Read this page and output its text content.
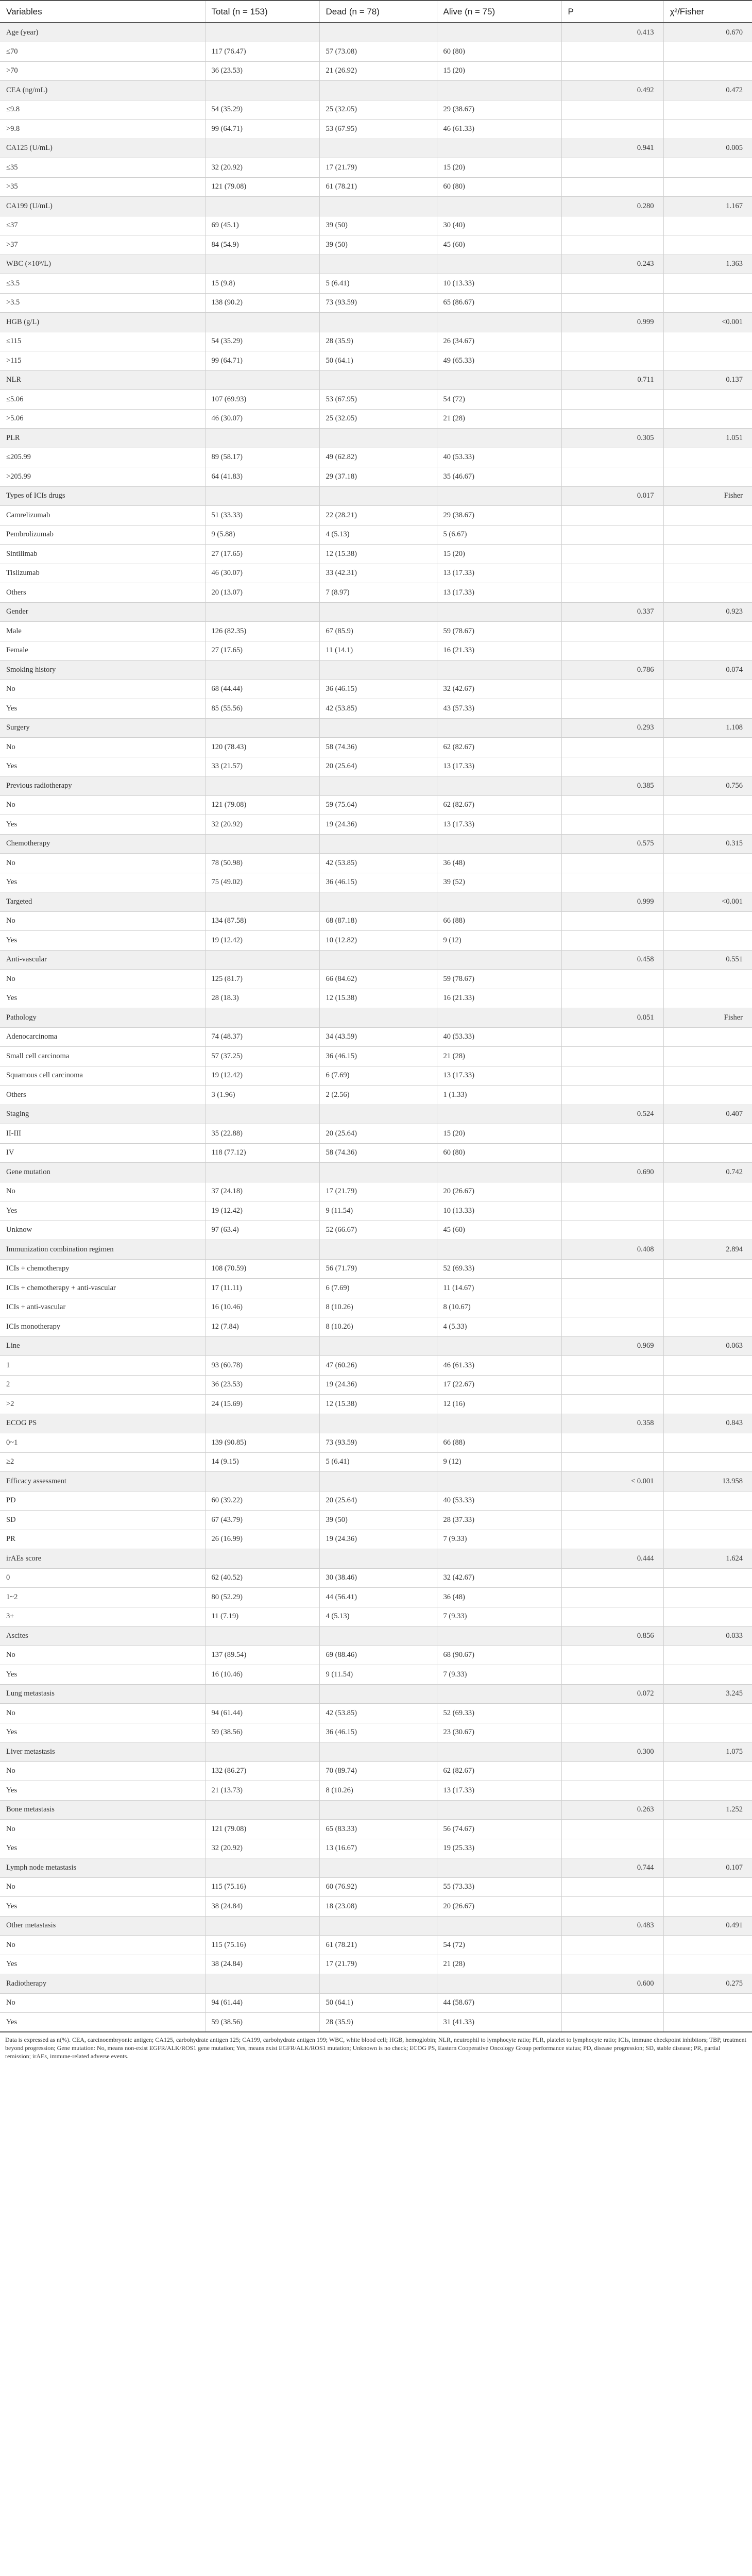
Variables	Total (n = 153)	Dead (n = 78)	Alive (n = 75)	P	χ²/Fisher
Age (year)				0.413	0.670
≤70	117 (76.47)	57 (73.08)	60 (80)		
>70	36 (23.53)	21 (26.92)	15 (20)		
CEA (ng/mL)				0.492	0.472
≤9.8	54 (35.29)	25 (32.05)	29 (38.67)		
>9.8	99 (64.71)	53 (67.95)	46 (61.33)		
CA125 (U/mL)				0.941	0.005
≤35	32 (20.92)	17 (21.79)	15 (20)		
>35	121 (79.08)	61 (78.21)	60 (80)		
CA199 (U/mL)				0.280	1.167
≤37	69 (45.1)	39 (50)	30 (40)		
>37	84 (54.9)	39 (50)	45 (60)		
WBC (×10⁹/L)				0.243	1.363
≤3.5	15 (9.8)	5 (6.41)	10 (13.33)		
>3.5	138 (90.2)	73 (93.59)	65 (86.67)		
HGB (g/L)				0.999	<0.001
≤115	54 (35.29)	28 (35.9)	26 (34.67)		
>115	99 (64.71)	50 (64.1)	49 (65.33)		
NLR				0.711	0.137
≤5.06	107 (69.93)	53 (67.95)	54 (72)		
>5.06	46 (30.07)	25 (32.05)	21 (28)		
PLR				0.305	1.051
≤205.99	89 (58.17)	49 (62.82)	40 (53.33)		
>205.99	64 (41.83)	29 (37.18)	35 (46.67)		
Types of ICIs drugs				0.017	Fisher
Camrelizumab	51 (33.33)	22 (28.21)	29 (38.67)		
Pembrolizumab	9 (5.88)	4 (5.13)	5 (6.67)		
Sintilimab	27 (17.65)	12 (15.38)	15 (20)		
Tislizumab	46 (30.07)	33 (42.31)	13 (17.33)		
Others	20 (13.07)	7 (8.97)	13 (17.33)		
Gender				0.337	0.923
Male	126 (82.35)	67 (85.9)	59 (78.67)		
Female	27 (17.65)	11 (14.1)	16 (21.33)		
Smoking history				0.786	0.074
No	68 (44.44)	36 (46.15)	32 (42.67)		
Yes	85 (55.56)	42 (53.85)	43 (57.33)		
Surgery				0.293	1.108
No	120 (78.43)	58 (74.36)	62 (82.67)		
Yes	33 (21.57)	20 (25.64)	13 (17.33)		
Previous radiotherapy				0.385	0.756
No	121 (79.08)	59 (75.64)	62 (82.67)		
Yes	32 (20.92)	19 (24.36)	13 (17.33)		
Chemotherapy				0.575	0.315
No	78 (50.98)	42 (53.85)	36 (48)		
Yes	75 (49.02)	36 (46.15)	39 (52)		
Targeted				0.999	<0.001
No	134 (87.58)	68 (87.18)	66 (88)		
Yes	19 (12.42)	10 (12.82)	9 (12)		
Anti-vascular				0.458	0.551
No	125 (81.7)	66 (84.62)	59 (78.67)		
Yes	28 (18.3)	12 (15.38)	16 (21.33)		
Pathology				0.051	Fisher
Adenocarcinoma	74 (48.37)	34 (43.59)	40 (53.33)		
Small cell carcinoma	57 (37.25)	36 (46.15)	21 (28)		
Squamous cell carcinoma	19 (12.42)	6 (7.69)	13 (17.33)		
Others	3 (1.96)	2 (2.56)	1 (1.33)		
Staging				0.524	0.407
II-III	35 (22.88)	20 (25.64)	15 (20)		
IV	118 (77.12)	58 (74.36)	60 (80)		
Gene mutation				0.690	0.742
No	37 (24.18)	17 (21.79)	20 (26.67)		
Yes	19 (12.42)	9 (11.54)	10 (13.33)		
Unknow	97 (63.4)	52 (66.67)	45 (60)		
Immunization combination regimen				0.408	2.894
ICIs + chemotherapy	108 (70.59)	56 (71.79)	52 (69.33)		
ICIs + chemotherapy + anti-vascular	17 (11.11)	6 (7.69)	11 (14.67)		
ICIs + anti-vascular	16 (10.46)	8 (10.26)	8 (10.67)		
ICIs monotherapy	12 (7.84)	8 (10.26)	4 (5.33)		
Line				0.969	0.063
1	93 (60.78)	47 (60.26)	46 (61.33)		
2	36 (23.53)	19 (24.36)	17 (22.67)		
>2	24 (15.69)	12 (15.38)	12 (16)		
ECOG PS				0.358	0.843
0~1	139 (90.85)	73 (93.59)	66 (88)		
≥2	14 (9.15)	5 (6.41)	9 (12)		
Efficacy assessment				< 0.001	13.958
PD	60 (39.22)	20 (25.64)	40 (53.33)		
SD	67 (43.79)	39 (50)	28 (37.33)		
PR	26 (16.99)	19 (24.36)	7 (9.33)		
irAEs score				0.444	1.624
0	62 (40.52)	30 (38.46)	32 (42.67)		
1~2	80 (52.29)	44 (56.41)	36 (48)		
3+	11 (7.19)	4 (5.13)	7 (9.33)		
Ascites				0.856	0.033
No	137 (89.54)	69 (88.46)	68 (90.67)		
Yes	16 (10.46)	9 (11.54)	7 (9.33)		
Lung metastasis				0.072	3.245
No	94 (61.44)	42 (53.85)	52 (69.33)		
Yes	59 (38.56)	36 (46.15)	23 (30.67)		
Liver metastasis				0.300	1.075
No	132 (86.27)	70 (89.74)	62 (82.67)		
Yes	21 (13.73)	8 (10.26)	13 (17.33)		
Bone metastasis				0.263	1.252
No	121 (79.08)	65 (83.33)	56 (74.67)		
Yes	32 (20.92)	13 (16.67)	19 (25.33)		
Lymph node metastasis				0.744	0.107
No	115 (75.16)	60 (76.92)	55 (73.33)		
Yes	38 (24.84)	18 (23.08)	20 (26.67)		
Other metastasis				0.483	0.491
No	115 (75.16)	61 (78.21)	54 (72)		
Yes	38 (24.84)	17 (21.79)	21 (28)		
Radiotherapy				0.600	0.275
No	94 (61.44)	50 (64.1)	44 (58.67)		
Yes	59 (38.56)	28 (35.9)	31 (41.33)		
Data is expressed as n(%). CEA, carcinoembryonic antigen; CA125, carbohydrate antigen 125; CA199, carbohydrate antigen 199; WBC, white blood cell; HGB, hemoglobin; NLR, neutrophil to lymphocyte ratio; PLR, platelet to lymphocyte ratio; ICIs, immune checkpoint inhibitors; TBP, treatment beyond progression; Gene mutation: No, means non-exist EGFR/ALK/ROS1 gene mutation; Yes, means exist EGFR/ALK/ROS1 mutation; Unknown is no check; ECOG PS, Eastern Cooperative Oncology Group performance status; PD, disease progression; SD, stable disease; PR, partial remission; irAEs, immune-related adverse events.
